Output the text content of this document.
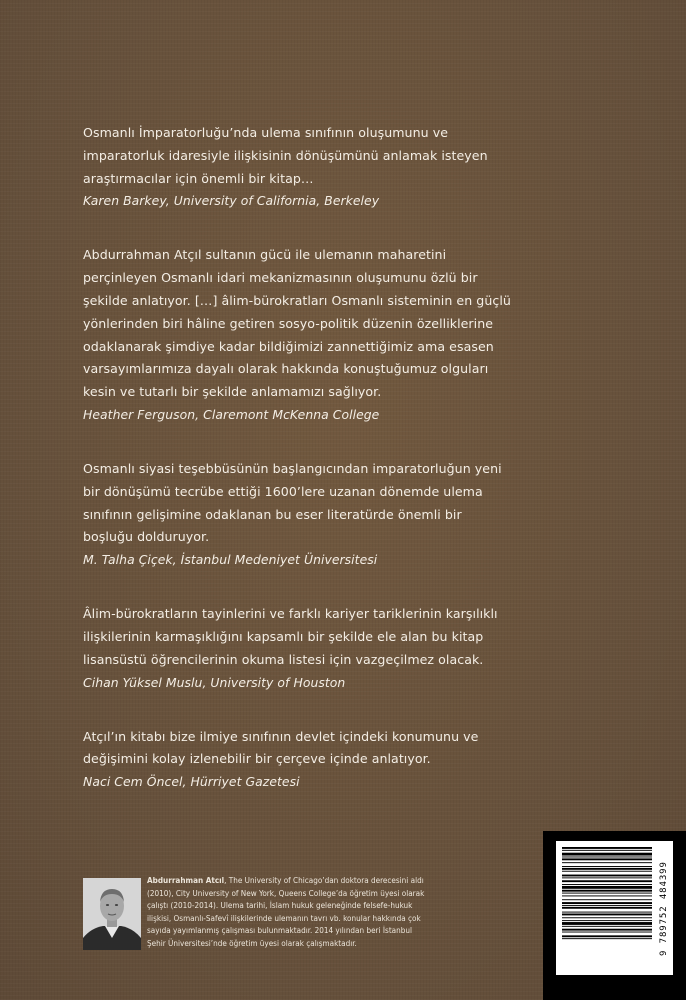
Osmanlı İmparatorluğu’nda ulema sınıfının oluşumunu ve

imparatorluk idaresiyle ilişkisinin dönüşümünü anlamak isteyen

araştırmacılar için önemli bir kitap…

Karen Barkey, University of California, Berkeley

Abdurrahman Atçıl sultanın gücü ile ulemanın maharetini

perçinleyen Osmanlı idari mekanizmasının oluşumunu özlü bir

şekilde anlatıyor. […] âlim-bürokratları Osmanlı sisteminin en güçlü

yönlerinden biri hâline getiren sosyo-politik düzenin özelliklerine

odaklanarak şimdiye kadar bildiğimizi zannettiğimiz ama esasen

varsayımlarımıza dayalı olarak hakkında konuştuğumuz olguları

kesin ve tutarlı bir şekilde anlamamızı sağlıyor.

Heather Ferguson, Claremont McKenna College

Osmanlı siyasi teşebbüsünün başlangıcından imparatorluğun yeni

bir dönüşümü tecrübe ettiği 1600’lere uzanan dönemde ulema

sınıfının gelişimine odaklanan bu eser literatürde önemli bir

boşluğu dolduruyor.

M. Talha Çiçek, İstanbul Medeniyet Üniversitesi

Âlim-bürokratların tayinlerini ve farklı kariyer tariklerinin karşılıklı

ilişkilerinin karmaşıklığını kapsamlı bir şekilde ele alan bu kitap

lisansüstü öğrencilerinin okuma listesi için vazgeçilmez olacak.

Cihan Yüksel Muslu, University of Houston

Atçıl’ın kitabı bize ilmiye sınıfının devlet içindeki konumunu ve

değişimini kolay izlenebilir bir çerçeve içinde anlatıyor.

Naci Cem Öncel, Hürriyet Gazetesi

Abdurrahman Atcıl, The University of Chicago’dan doktora derecesini aldı
(2010), City University of New York, Queens College’da öğretim üyesi olarak
çalıştı (2010-2014). Ulema tarihi, İslam hukuk geleneğinde felsefe-hukuk
ilişkisi, Osmanlı-Safevî ilişkilerinde ulemanın tavrı vb. konular hakkında çok
sayıda yayımlanmış çalışması bulunmaktadır. 2014 yılından beri İstanbul
Şehir Üniversitesi’nde öğretim üyesi olarak çalışmaktadır.	9 789752 484399
